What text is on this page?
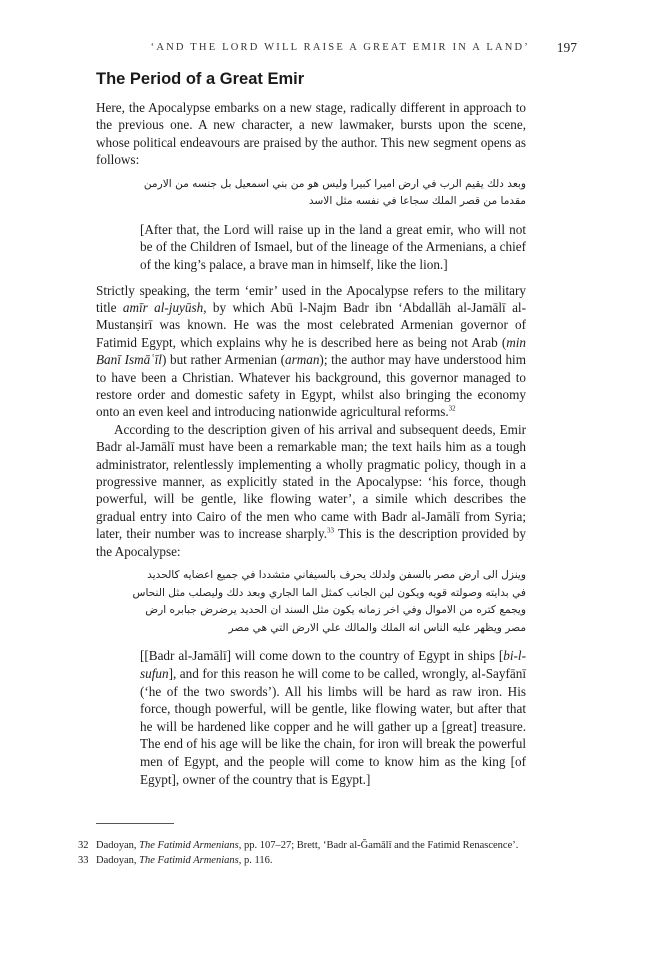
‘AND THE LORD WILL RAISE A GREAT EMIR IN A LAND’ 197
The Period of a Great Emir

Here, the Apocalypse embarks on a new stage, radically different in approach to the previous one. A new character, a new lawmaker, bursts upon the scene, whose political endeavours are praised by the author. This new segment opens as follows:

وبعد دلك يقيم الرب في ارض اميرا كبيرا وليس هو من بني اسمعيل بل جنسه من الارمن
مقدما من قصر الملك سجاعا في نفسه مثل الاسد

[After that, the Lord will raise up in the land a great emir, who will not be of the Children of Ismael, but of the lineage of the Armenians, a chief of the king’s palace, a brave man in himself, like the lion.]

Strictly speaking, the term ‘emir’ used in the Apocalypse refers to the military title amīr al-juyūsh, by which Abū l-Najm Badr ibn ‘Abdallāh al-Jamālī al-Mustanṣirī was known. He was the most celebrated Armenian governor of Fatimid Egypt, which explains why he is described here as being not Arab (min Banī Ismāʿīl) but rather Armenian (arman); the author may have understood him to have been a Christian. Whatever his background, this governor managed to restore order and domestic safety in Egypt, whilst also bringing the economy onto an even keel and introducing nationwide agricultural reforms.$^{32}$

According to the description given of his arrival and subsequent deeds, Emir Badr al-Jamālī must have been a remarkable man; the text hails him as a tough administrator, relentlessly implementing a wholly pragmatic policy, though in a progressive manner, as explicitly stated in the Apocalypse: ‘his force, though powerful, will be gentle, like flowing water’, a simile which describes the gradual entry into Cairo of the men who came with Badr al-Jamālī from Syria; later, their number was to increase sharply.$^{33}$ This is the description provided by the Apocalypse:

وينزل الى ارض مصر بالسفن ولدلك يحرف بالسيفاني متشددا في جميع اعضايه كالحديد
في بدايته وصولته قويه ويكون لين الجانب كمثل الما الجاري وبعد دلك وليصلب مثل النحاس
ويجمع كتره من الاموال وفي اخر زمانه يكون مثل السند ان الحديد يرضرض جبابره ارض
مصر ويظهر عليه الناس انه الملك والمالك علي الارض التي هي مصر

[[Badr al-Jamālī] will come down to the country of Egypt in ships [bi-l-sufun], and for this reason he will come to be called, wrongly, al-Sayfānī (‘he of the two swords’). All his limbs will be hard as raw iron. His force, though powerful, will be gentle, like flowing water, but after that he will be hardened like copper and he will gather up a [great] treasure. The end of his age will be like the chain, for iron will break the powerful men of Egypt, and the people will come to know him as the king [of Egypt], owner of the country that is Egypt.]

32 Dadoyan, The Fatimid Armenians, pp. 107–27; Brett, ‘Badr al-Ğamālī and the Fatimid Renascence’.
33 Dadoyan, The Fatimid Armenians, p. 116.
